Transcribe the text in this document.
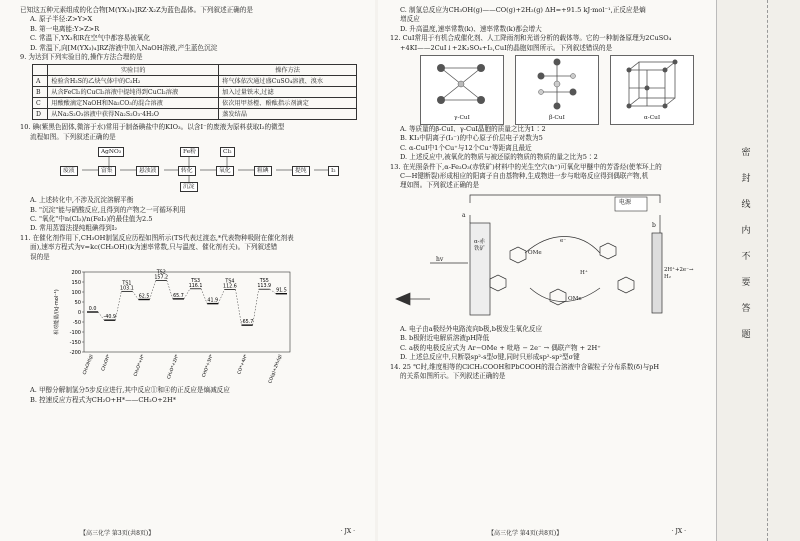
已知这五种元素组成的化合物[M(YX₃)₄]RZ·X₂Z为蓝色晶体。下列叙述正确的是
A. 原子半径:Z>Y>X
B. 第一电离能:Y>Z>R
C. 常温下,YX₃和R在空气中都容易被氧化
D. 常温下,向[M(YX₃)₄]RZ溶液中加入NaOH溶液,产生蓝色沉淀
9. 为达到下列实验目的,操作方法合理的是
	实验目的	操作方法
A	检验含H₂S的乙炔气体中的C₂H₂	将气体依次通过盛CuSO₄溶液、溴水
B	从含FeCl₂的CuCl₂溶液中提纯得到CuCl₂溶液	加入过量铁末,过滤
C	用酸酸滴定NaOH和Na₂CO₃的混合溶液	依次用甲基橙、酚酞指示剂滴定
D	从Na₂S₂O₃溶液中获得Na₂S₂O₃·4H₂O	蒸发结晶
10. 碘(紫黑色固体,微溶于水)常用于制备碘盐中的KIO₃。以含I⁻的废液为原料获取I₂的微型
流程如图。下列叙述正确的是
废液	富集	悬浊液	转化	氧化	粗碘	提纯	I₂
AgNO₃	Fe粉	Cl₂
沉淀
A. 上述转化中,不涉及沉淀溶解平衡
B. "沉淀"能与硝酸反应,且得到的产物之一可循环利用
C. "氧化"中n(Cl₂)/n(FeI₂)的最佳值为2.5
D. 常用蒸馏法提纯粗碘得到I₂
11. 在催化剂作用下,CH₃OH制氢反应历程如图所示(TS代表过渡态,*代表物种吸附在催化剂表
面),速率方程式为v=kc(CH₃OH)(k为速率常数,只与温度、催化剂有关)。下列叙述错
误的是
200
150
100
50
0
-50
-100
-150
-200
相对能量/(kJ·mol⁻¹)	0.0
CH₃OH(g)
-40.9
CH₃OH*
103.1
TS1
62.5
CH₃O*+H*
157.2
TS2
65.7
CH₂O*+2H*
116.1
TS3
41.9
CHO*+3H*
112.6
TS4
-65.7
CO*+4H*
113.9
TS5
91.5
CO(g)+2H₂(g)
A. 甲醇分解制氢分5步反应进行,其中反应①和④的正反应是熵减反应
B. 控速反应方程式为CH₂O+H*——CH₂O+2H*
【高三化学 第3页(共8页)】	· JX ·
C. 制氢总反应为CH₃OH(g)——CO(g)+2H₂(g) ΔH=+91.5 kJ·mol⁻¹,正反应是熵
增反应
D. 升高温度,速率常数(k)、速率常数(k)都会增大
12. CuI常用于有机合成催化剂、人工降雨剂和光谱分析的载体等。它的一种制备原理为2CuSO₄
+4KI——2CuI↓+2K₂SO₄+I₂,CuI的晶胞如图所示。下列叙述错误的是
γ-CuI	β-CuI	α-CuI
A. 等质量的β-CuI、γ-CuI晶胞的质量之比为1∶2
B. KI₃中阴离子(I₃⁻)的中心原子价层电子对数为5
C. α-CuI中1个Cu⁺与12个Cu⁺等距离且最近
D. 上述反应中,被氧化的物质与被还原的物质的物质的量之比为5∶2
13. 在光照条件下,α-Fe₂O₃(赤铁矿)材料中的光生空穴(h⁺)可氧化甲醚中的芳香烃(使苯环上的
C—H键断裂)形成相应的阳离子自由基物种,生成物进一步与吡咯反应得到偶联产物,机
理如图。下列叙述正确的是
电源
a
b
α-赤铁矿
hv
OMe
OMe
H⁺
e⁻
2H⁺+2e⁻→H₂
A. 电子由a极经外电路流向b极,b极发生氧化反应
B. b极附近电解质溶液pH降低
C. a极的电极反应式为 Ar−OMe + 吡咯 − 2e⁻ → 偶联产物 + 2H⁺
D. 上述总反应中,只断裂sp²-s型σ键,同时只形成sp²-sp²型σ键
14. 25 ℃时,维度相等的ClCH₂COOH和PbCOOH的混合溶液中含碳粒子分布系数(δ)与pH
的关系如图所示。下列叙述正确的是
【高三化学 第4页(共8页)】	· JX ·
密
封
线
内
不
要
答
题
